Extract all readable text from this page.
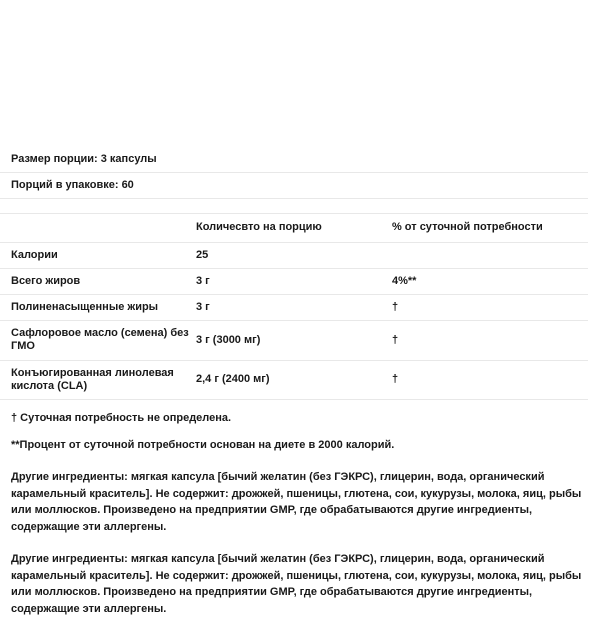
Размер порции: 3 капсулы		
Порций в упаковке: 60		

	Количесвто на порцию	% от суточной потребности
Калории	25	
Всего жиров	3 г	4%**
Полиненасыщенные жиры	3 г	†
Сафлоровое масло (семена) без ГМО	3 г (3000 мг)	†
Конъюгированная линолевая кислота (CLA)	2,4 г (2400 мг)	†

† Суточная потребность не определена.

**Процент от суточной потребности основан на диете в 2000 калорий.

Другие ингредиенты: мягкая капсула [бычий желатин (без ГЭКРС), глицерин, вода, органический карамельный краситель]. Не содержит: дрожжей, пшеницы, глютена, сои, кукурузы, молока, яиц, рыбы или моллюсков. Произведено на предприятии GMP, где обрабатываются другие ингредиенты, содержащие эти аллергены.

Другие ингредиенты: мягкая капсула [бычий желатин (без ГЭКРС), глицерин, вода, органический карамельный краситель]. Не содержит: дрожжей, пшеницы, глютена, сои, кукурузы, молока, яиц, рыбы или моллюсков. Произведено на предприятии GMP, где обрабатываются другие ингредиенты, содержащие эти аллергены.
